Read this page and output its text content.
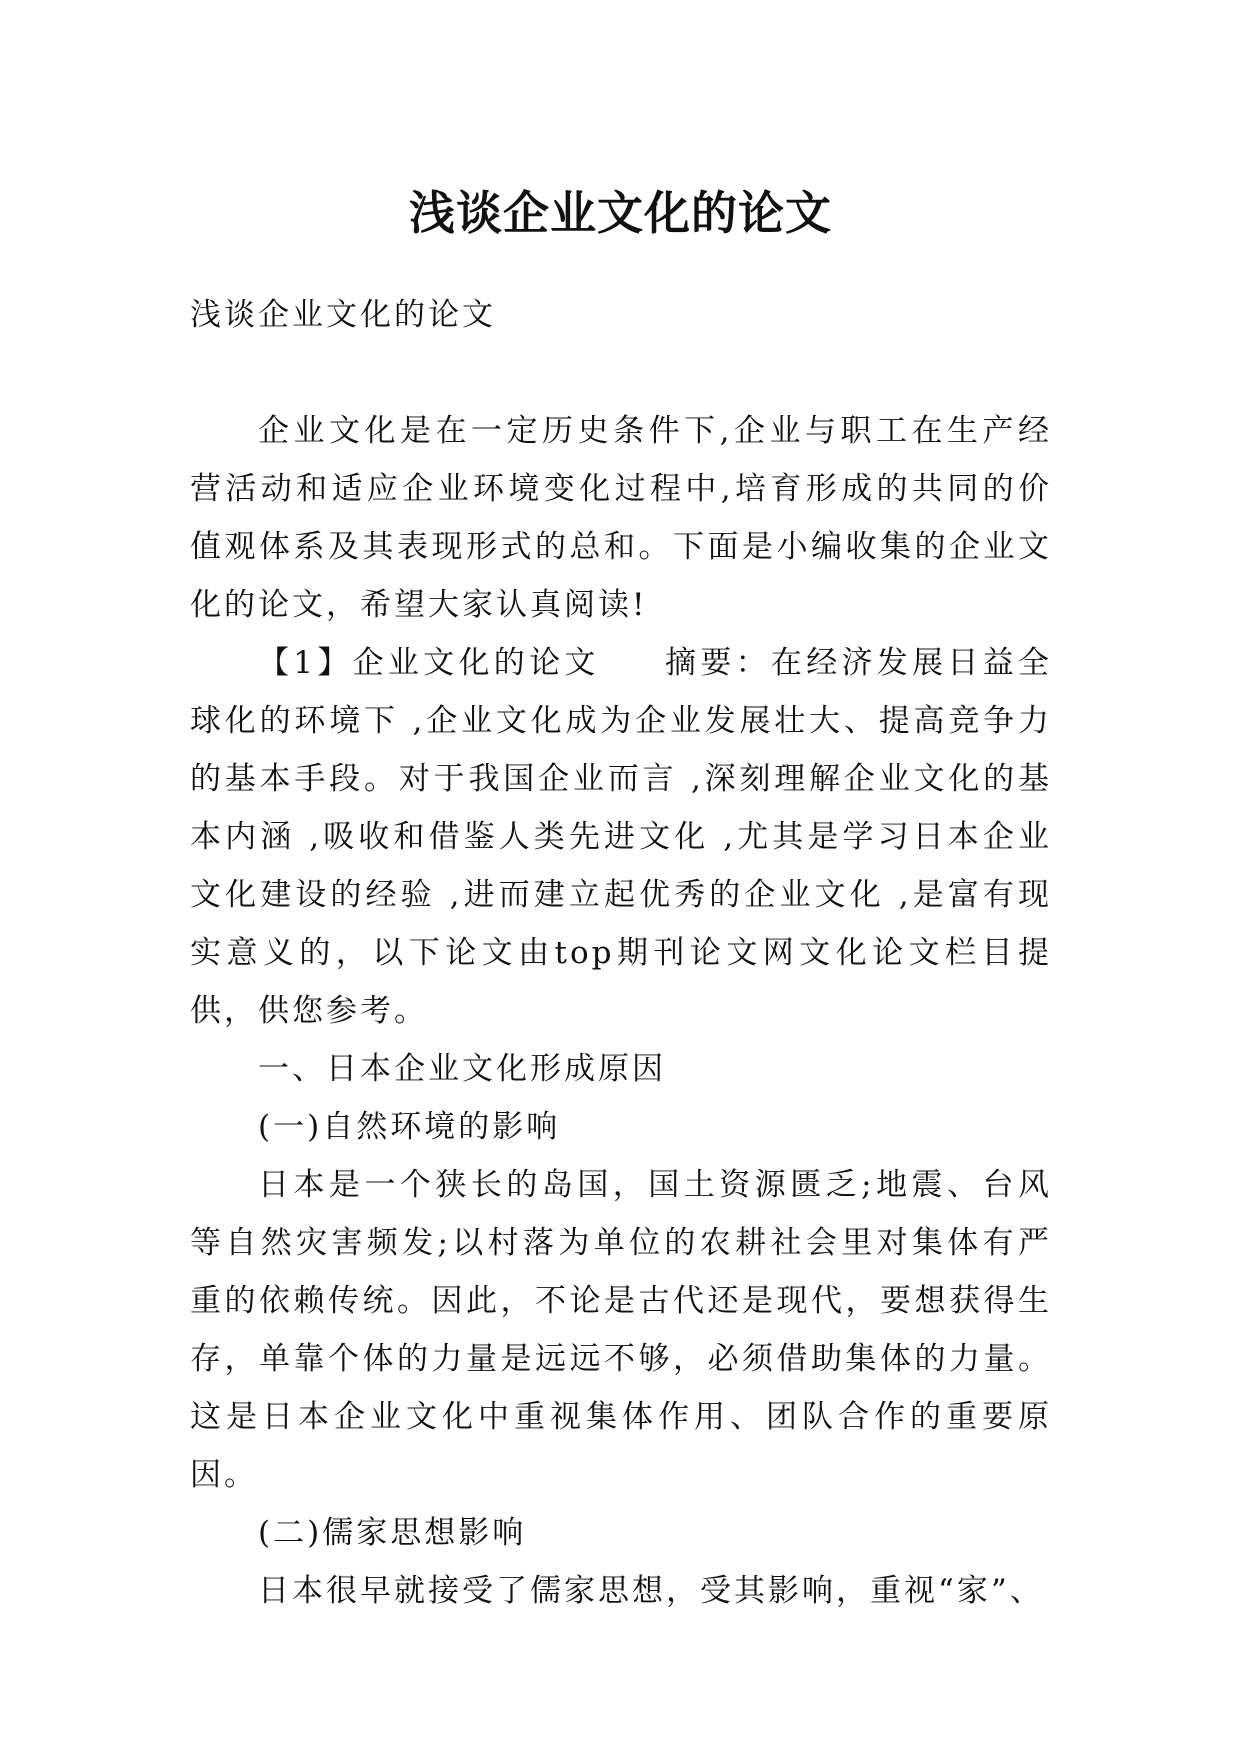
浅谈企业文化的论文

浅谈企业文化的论文

企业文化是在一定历史条件下,企业与职工在生产经营活动和适应企业环境变化过程中,培育形成的共同的价值观体系及其表现形式的总和。下面是小编收集的企业文化的论文，希望大家认真阅读!

【1】企业文化的论文 摘要：在经济发展日益全球化的环境下 ,企业文化成为企业发展壮大、提高竞争力的基本手段。对于我国企业而言 ,深刻理解企业文化的基本内涵 ,吸收和借鉴人类先进文化 ,尤其是学习日本企业文化建设的经验 ,进而建立起优秀的企业文化 ,是富有现实意义的，以下论文由top期刊论文网文化论文栏目提供，供您参考。

一、日本企业文化形成原因

(一)自然环境的影响

日本是一个狭长的岛国，国土资源匮乏;地震、台风等自然灾害频发;以村落为单位的农耕社会里对集体有严重的依赖传统。因此，不论是古代还是现代，要想获得生存，单靠个体的力量是远远不够，必须借助集体的力量。这是日本企业文化中重视集体作用、团队合作的重要原因。

(二)儒家思想影响

日本很早就接受了儒家思想，受其影响，重视“家”、
